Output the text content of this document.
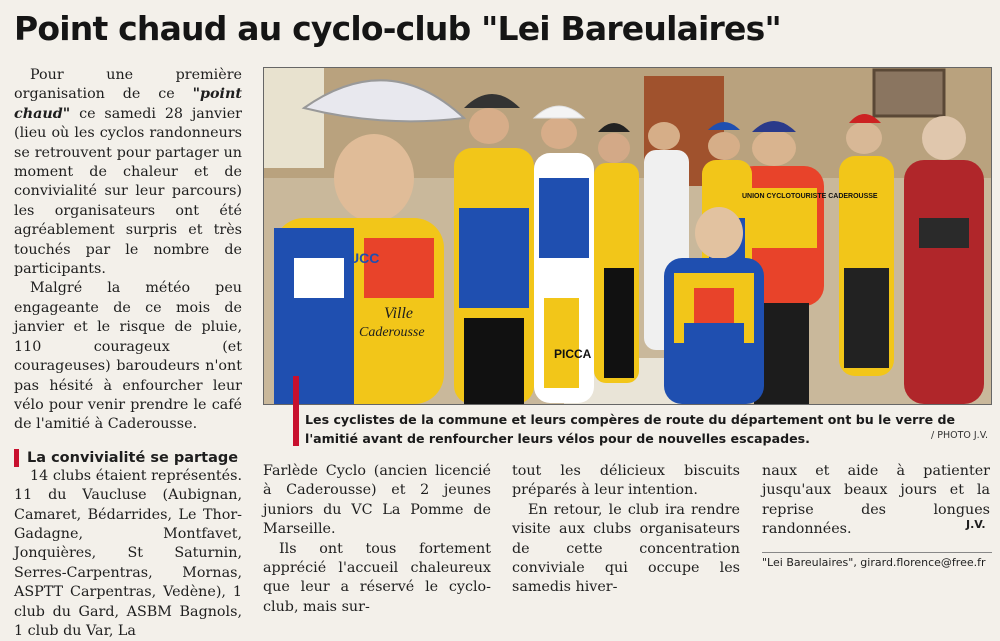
Point chaud au cyclo-club "Lei Bareulaires"

Pour une première organisation de ce "point chaud" ce samedi 28 janvier (lieu où les cyclos randonneurs se retrouvent pour partager un moment de chaleur et de convivialité sur leur parcours) les organisateurs ont été agréablement surpris et très touchés par le nombre de participants.

Malgré la météo peu engageante de ce mois de janvier et le risque de pluie, 110 courageux (et courageuses) baroudeurs n'ont pas hésité à enfourcher leur vélo pour venir prendre le café de l'amitié à Caderousse.

La convivialité se partage

14 clubs étaient représentés. 11 du Vaucluse (Aubignan, Camaret, Bédarrides, Le Thor-Gadagne, Montfavet, Jonquières, St Saturnin, Serres-Carpentras, Mornas, ASPTT Carpentras, Vedène), 1 club du Gard, ASBM Bagnols, 1 club du Var, La

UCC
Ville
Caderousse
PICCA
UNION CYCLOTOURISTE CADEROUSSE

Les cyclistes de la commune et leurs compères de route du département ont bu le verre de l'amitié avant de renfourcher leurs vélos pour de nouvelles escapades.	/ PHOTO J.V.

Farlède Cyclo (ancien licencié à Caderousse) et 2 jeunes juniors du VC La Pomme de Marseille.

Ils ont tous fortement apprécié l'accueil chaleureux que leur a réservé le cyclo-club, mais sur-

tout les délicieux biscuits préparés à leur intention.

En retour, le club ira rendre visite aux clubs organisateurs de cette concentration conviviale qui occupe les samedis hiver-

naux et aide à patienter jusqu'aux beaux jours et la reprise des longues randonnées.	J.V.
"Lei Bareulaires", girard.florence@free.fr
